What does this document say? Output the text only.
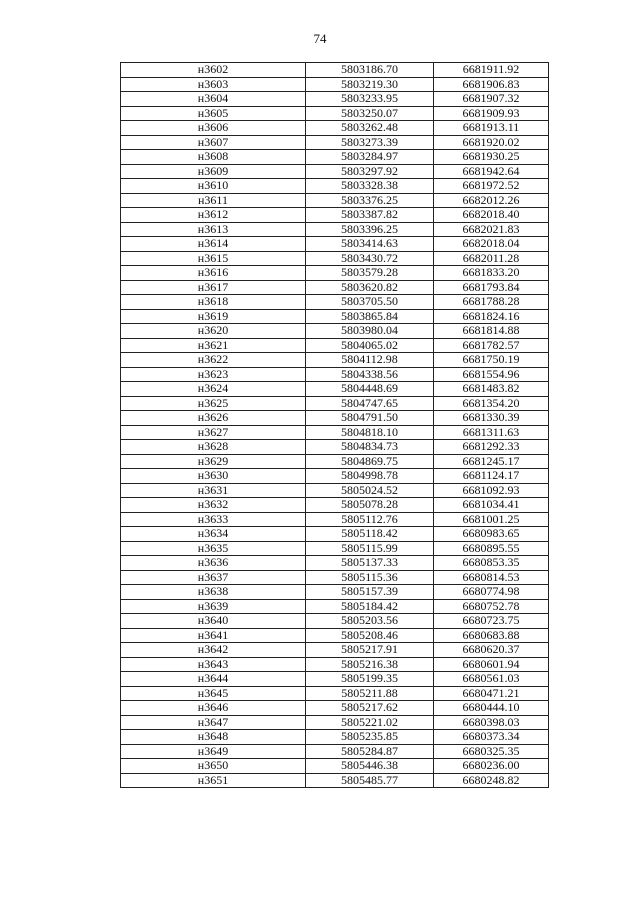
74
н3602	5803186.70	6681911.92
н3603	5803219.30	6681906.83
н3604	5803233.95	6681907.32
н3605	5803250.07	6681909.93
н3606	5803262.48	6681913.11
н3607	5803273.39	6681920.02
н3608	5803284.97	6681930.25
н3609	5803297.92	6681942.64
н3610	5803328.38	6681972.52
н3611	5803376.25	6682012.26
н3612	5803387.82	6682018.40
н3613	5803396.25	6682021.83
н3614	5803414.63	6682018.04
н3615	5803430.72	6682011.28
н3616	5803579.28	6681833.20
н3617	5803620.82	6681793.84
н3618	5803705.50	6681788.28
н3619	5803865.84	6681824.16
н3620	5803980.04	6681814.88
н3621	5804065.02	6681782.57
н3622	5804112.98	6681750.19
н3623	5804338.56	6681554.96
н3624	5804448.69	6681483.82
н3625	5804747.65	6681354.20
н3626	5804791.50	6681330.39
н3627	5804818.10	6681311.63
н3628	5804834.73	6681292.33
н3629	5804869.75	6681245.17
н3630	5804998.78	6681124.17
н3631	5805024.52	6681092.93
н3632	5805078.28	6681034.41
н3633	5805112.76	6681001.25
н3634	5805118.42	6680983.65
н3635	5805115.99	6680895.55
н3636	5805137.33	6680853.35
н3637	5805115.36	6680814.53
н3638	5805157.39	6680774.98
н3639	5805184.42	6680752.78
н3640	5805203.56	6680723.75
н3641	5805208.46	6680683.88
н3642	5805217.91	6680620.37
н3643	5805216.38	6680601.94
н3644	5805199.35	6680561.03
н3645	5805211.88	6680471.21
н3646	5805217.62	6680444.10
н3647	5805221.02	6680398.03
н3648	5805235.85	6680373.34
н3649	5805284.87	6680325.35
н3650	5805446.38	6680236.00
н3651	5805485.77	6680248.82
